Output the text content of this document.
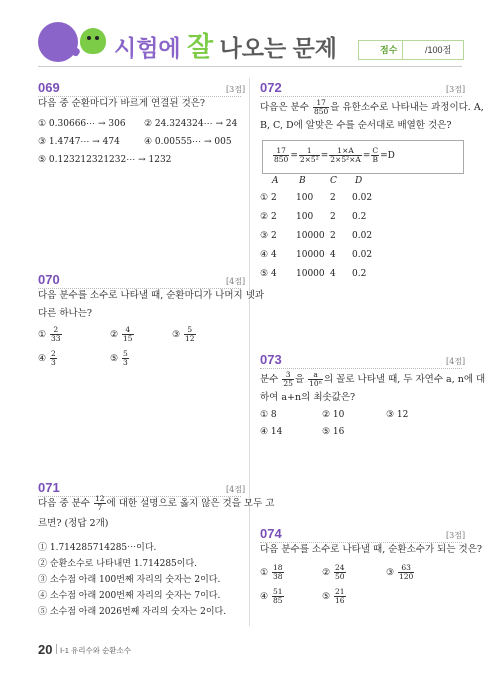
시험에 잘 나오는 문제	점수	/100점
069	[3점]
다음 중 순환마디가 바르게 연결된 것은?
① 0.30666⋯ → 306 ② 24.324324⋯ → 24
③ 1.4747⋯ → 474	④ 0.00555⋯ → 005
⑤ 0.123212321232⋯ → 1232
070	[4점]
다음 분수를 소수로 나타낼 때, 순환마디가 나머지 넷과
다른 하나는?
① $\frac{2}{33}$	② $\frac{4}{15}$	③ $\frac{5}{12}$
④ $\frac{2}{3}$	⑤ $\frac{5}{3}$
071	[4점]
다음 중 분수 $\frac{12}{7}$ 에 대한 설명으로 옳지 않은 것을 모두 고
르면? (정답 2개)
① 1.714285714285⋯이다.
② 순환소수로 나타내면 1.714285이다.
③ 소수점 아래 100번째 자리의 숫자는 2이다.
④ 소수점 아래 200번째 자리의 숫자는 7이다.
⑤ 소수점 아래 2026번째 자리의 숫자는 2이다.
072	[3점]
다음은 분수 $\frac{17}{850}$ 을 유한소수로 나타내는 과정이다. A,
B, C, D에 알맞은 수를 순서대로 배열한 것은?
$\frac{17}{850} = \frac{1}{\text{2×5²}} = \frac{1\times A}{\text{2×5²×A}} = \frac{C}{B} =D$
A B	C D
① 2 100 2 0.02
② 2 100 2 0.2
③ 2 10000 2 0.02
④ 4 10000 4 0.02
⑤ 4 10000 4 0.2
073	[4점]
분수 $\frac{3}{25}$ 을 $\frac{a}{\text{10ⁿ}}$ 의 꼴로 나타낼 때, 두 자연수 a, n에 대
하여 a+n의 최솟값은?
① 8	② 10	③ 12
④ 14	⑤ 16
074	[3점]
다음 분수를 소수로 나타낼 때, 순환소수가 되는 것은?
① $\frac{18}{38}$	② $\frac{24}{50}$	③ $\frac{63}{120}$
④ $\frac{51}{85}$	⑤ $\frac{21}{16}$
20 Ⅰ-1 유리수와 순환소수
